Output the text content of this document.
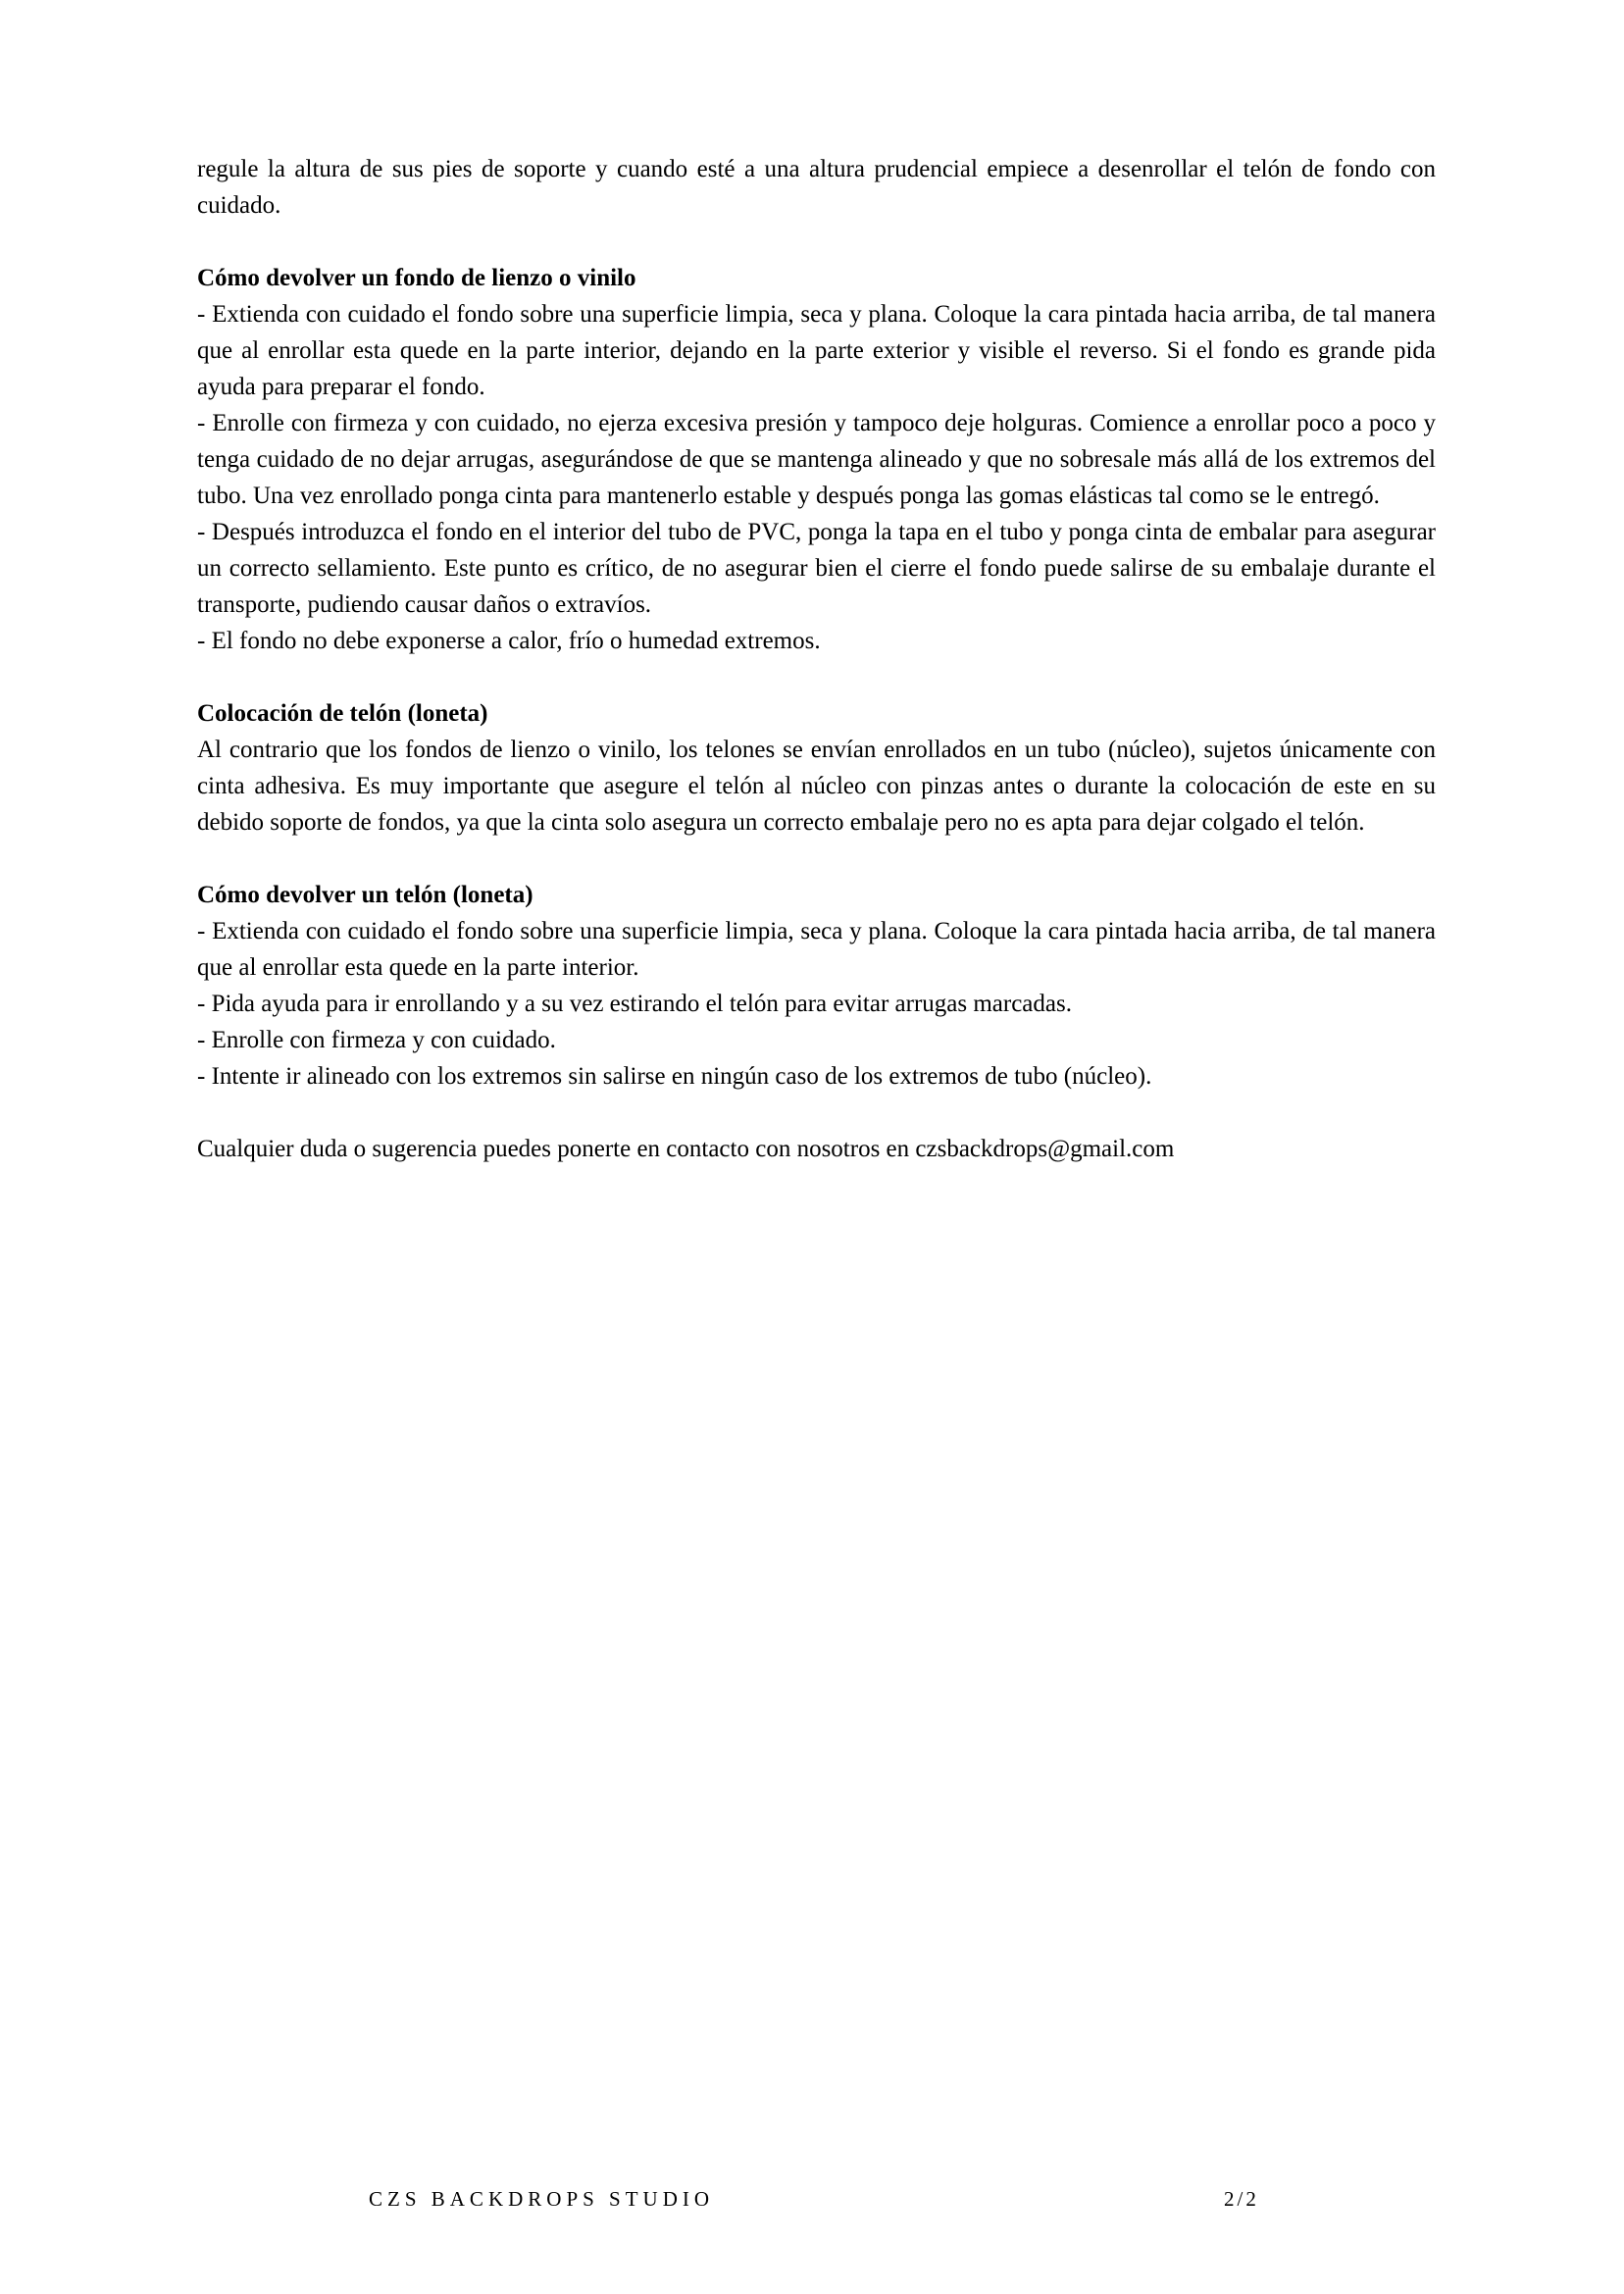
regule la altura de sus pies de soporte y cuando esté a una altura prudencial empiece a desenrollar el telón de fondo con cuidado.

Cómo devolver un fondo de lienzo o vinilo

- Extienda con cuidado el fondo sobre una superficie limpia, seca y plana. Coloque la cara pintada hacia arriba, de tal manera que al enrollar esta quede en la parte interior, dejando en la parte exterior y visible el reverso. Si el fondo es grande pida ayuda para preparar el fondo.

- Enrolle con firmeza y con cuidado, no ejerza excesiva presión y tampoco deje holguras. Comience a enrollar poco a poco y tenga cuidado de no dejar arrugas, asegurándose de que se mantenga alineado y que no sobresale más allá de los extremos del tubo. Una vez enrollado ponga cinta para mantenerlo estable y después ponga las gomas elásticas tal como se le entregó.

- Después introduzca el fondo en el interior del tubo de PVC, ponga la tapa en el tubo y ponga cinta de embalar para asegurar un correcto sellamiento. Este punto es crítico, de no asegurar bien el cierre el fondo puede salirse de su embalaje durante el transporte, pudiendo causar daños o extravíos.

- El fondo no debe exponerse a calor, frío o humedad extremos.

Colocación de telón (loneta)

Al contrario que los fondos de lienzo o vinilo, los telones se envían enrollados en un tubo (núcleo), sujetos únicamente con cinta adhesiva. Es muy importante que asegure el telón al núcleo con pinzas antes o durante la colocación de este en su debido soporte de fondos, ya que la cinta solo asegura un correcto embalaje pero no es apta para dejar colgado el telón.

Cómo devolver un telón (loneta)

- Extienda con cuidado el fondo sobre una superficie limpia, seca y plana. Coloque la cara pintada hacia arriba, de tal manera que al enrollar esta quede en la parte interior.

- Pida ayuda para ir enrollando y a su vez estirando el telón para evitar arrugas marcadas.

- Enrolle con firmeza y con cuidado.

- Intente ir alineado con los extremos sin salirse en ningún caso de los extremos de tubo (núcleo).

Cualquier duda o sugerencia puedes ponerte en contacto con nosotros en czsbackdrops@gmail.com

CZS BACKDROPS STUDIO	2/2
